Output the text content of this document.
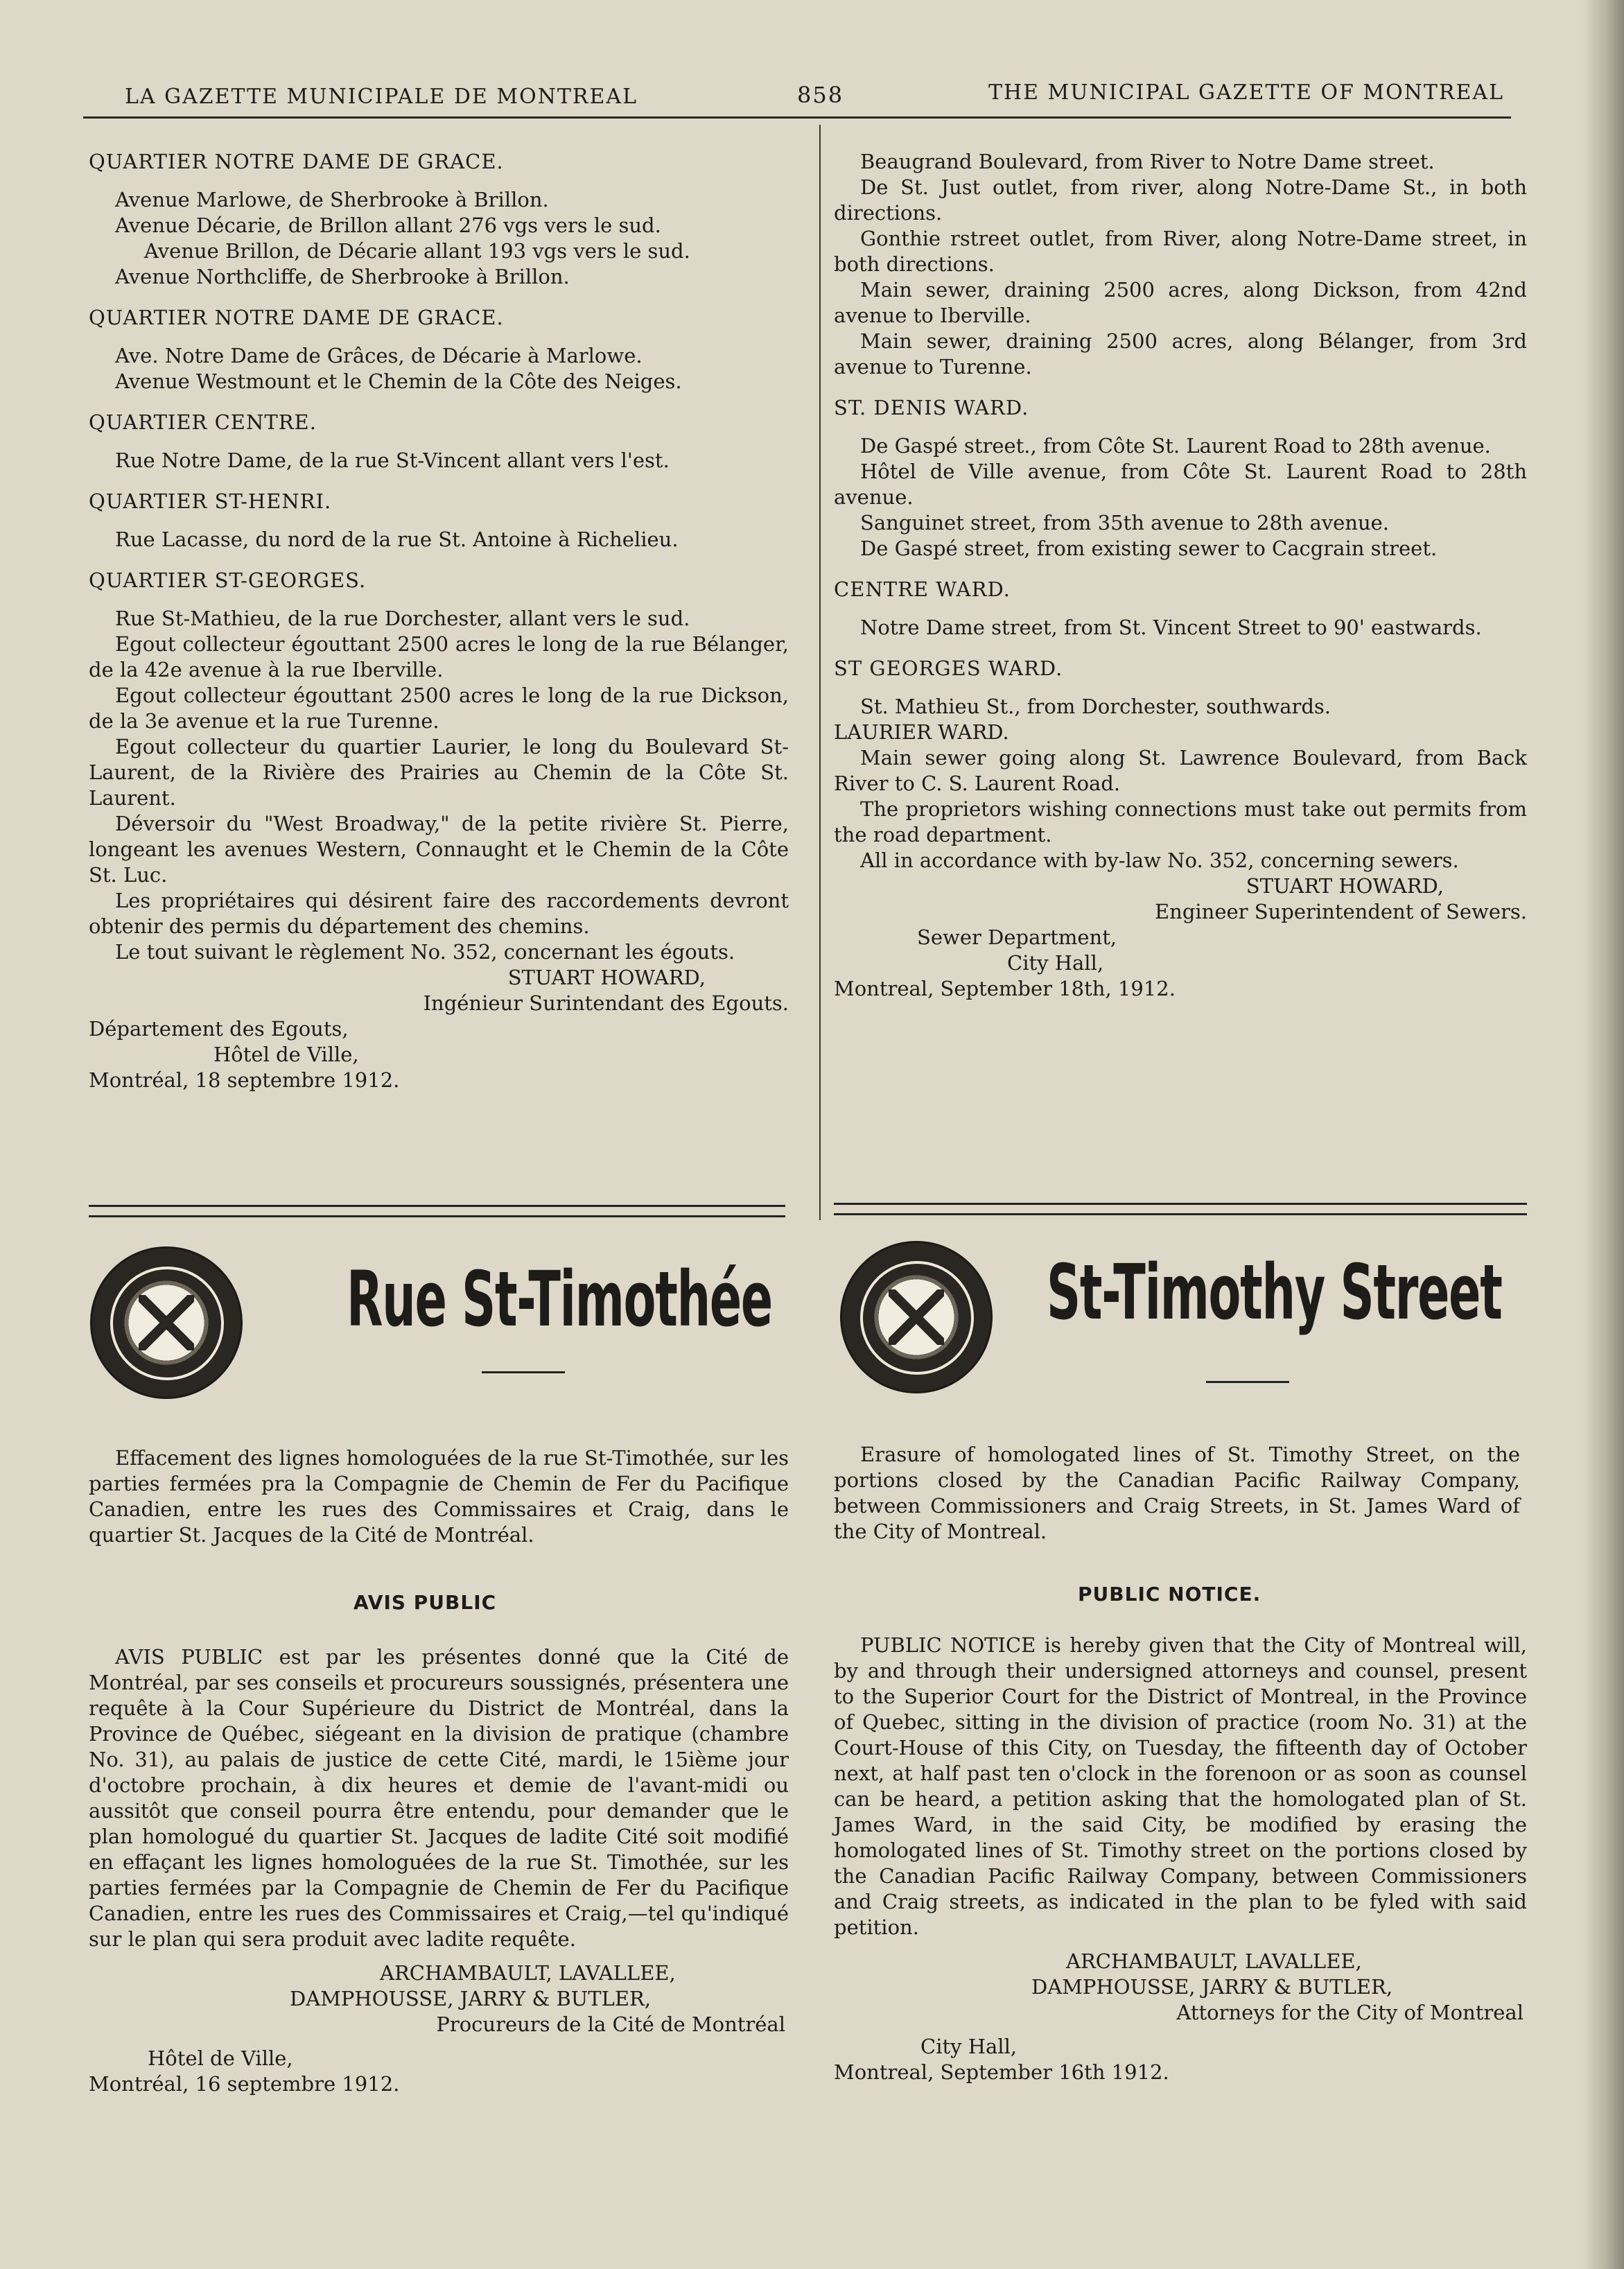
LA GAZETTE MUNICIPALE DE MONTREAL	858	THE MUNICIPAL GAZETTE OF MONTREAL

QUARTIER NOTRE DAME DE GRACE.

Avenue Marlowe, de Sherbrooke à Brillon.

Avenue Décarie, de Brillon allant 276 vgs vers le sud.

Avenue Brillon, de Décarie allant 193 vgs vers le sud.

Avenue Northcliffe, de Sherbrooke à Brillon.

QUARTIER NOTRE DAME DE GRACE.

Ave. Notre Dame de Grâces, de Décarie à Marlowe.

Avenue Westmount et le Chemin de la Côte des Neiges.

QUARTIER CENTRE.

Rue Notre Dame, de la rue St-Vincent allant vers l'est.

QUARTIER ST-HENRI.

Rue Lacasse, du nord de la rue St. Antoine à Richelieu.

QUARTIER ST-GEORGES.

Rue St-Mathieu, de la rue Dorchester, allant vers le sud.

Egout collecteur égouttant 2500 acres le long de la rue Bélanger, de la 42e avenue à la rue Iberville.

Egout collecteur égouttant 2500 acres le long de la rue Dickson, de la 3e avenue et la rue Turenne.

Egout collecteur du quartier Laurier, le long du Boulevard St-Laurent, de la Rivière des Prairies au Chemin de la Côte St. Laurent.

Déversoir du "West Broadway," de la petite rivière St. Pierre, longeant les avenues Western, Connaught et le Chemin de la Côte St. Luc.

Les propriétaires qui désirent faire des raccordements devront obtenir des permis du département des chemins.

Le tout suivant le règlement No. 352, concernant les égouts.

STUART HOWARD,

Ingénieur Surintendant des Egouts.

Département des Egouts,

Hôtel de Ville,

Montréal, 18 septembre 1912.

Beaugrand Boulevard, from River to Notre Dame street.

De St. Just outlet, from river, along Notre-Dame St., in both directions.

Gonthie rstreet outlet, from River, along Notre-Dame street, in both directions.

Main sewer, draining 2500 acres, along Dickson, from 42nd avenue to Iberville.

Main sewer, draining 2500 acres, along Bélanger, from 3rd avenue to Turenne.

ST. DENIS WARD.

De Gaspé street., from Côte St. Laurent Road to 28th avenue.

Hôtel de Ville avenue, from Côte St. Laurent Road to 28th avenue.

Sanguinet street, from 35th avenue to 28th avenue.

De Gaspé street, from existing sewer to Cacgrain street.

CENTRE WARD.

Notre Dame street, from St. Vincent Street to 90' eastwards.

ST GEORGES WARD.

St. Mathieu St., from Dorchester, southwards.

LAURIER WARD.

Main sewer going along St. Lawrence Boulevard, from Back River to C. S. Laurent Road.

The proprietors wishing connections must take out permits from the road department.

All in accordance with by-law No. 352, concerning sewers.

STUART HOWARD,

Engineer Superintendent of Sewers.

Sewer Department,

City Hall,

Montreal, September 18th, 1912.

Rue St-Timothée

Effacement des lignes homologuées de la rue St-Timothée, sur les parties fermées pra la Compagnie de Chemin de Fer du Pacifique Canadien, entre les rues des Commissaires et Craig, dans le quartier St. Jacques de la Cité de Montréal.

AVIS PUBLIC

AVIS PUBLIC est par les présentes donné que la Cité de Montréal, par ses conseils et procureurs soussignés, présentera une requête à la Cour Supérieure du District de Montréal, dans la Province de Québec, siégeant en la division de pratique (chambre No. 31), au palais de justice de cette Cité, mardi, le 15ième jour d'octobre prochain, à dix heures et demie de l'avant-midi ou aussitôt que conseil pourra être entendu, pour demander que le plan homologué du quartier St. Jacques de ladite Cité soit modifié en effaçant les lignes homologuées de la rue St. Timothée, sur les parties fermées par la Compagnie de Chemin de Fer du Pacifique Canadien, entre les rues des Commissaires et Craig,—tel qu'indiqué sur le plan qui sera produit avec ladite requête.

ARCHAMBAULT, LAVALLEE,

DAMPHOUSSE, JARRY & BUTLER,

Procureurs de la Cité de Montréal

Hôtel de Ville,

Montréal, 16 septembre 1912.

St-Timothy Street

Erasure of homologated lines of St. Timothy Street, on the portions closed by the Canadian Pacific Railway Company, between Commissioners and Craig Streets, in St. James Ward of the City of Montreal.

PUBLIC NOTICE.

PUBLIC NOTICE is hereby given that the City of Montreal will, by and through their undersigned attorneys and counsel, present to the Superior Court for the District of Montreal, in the Province of Quebec, sitting in the division of practice (room No. 31) at the Court-House of this City, on Tuesday, the fifteenth day of October next, at half past ten o'clock in the forenoon or as soon as counsel can be heard, a petition asking that the homologated plan of St. James Ward, in the said City, be modified by erasing the homologated lines of St. Timothy street on the portions closed by the Canadian Pacific Railway Company, between Commissioners and Craig streets, as indicated in the plan to be fyled with said petition.

ARCHAMBAULT, LAVALLEE,

DAMPHOUSSE, JARRY & BUTLER,

Attorneys for the City of Montreal

City Hall,

Montreal, September 16th 1912.
